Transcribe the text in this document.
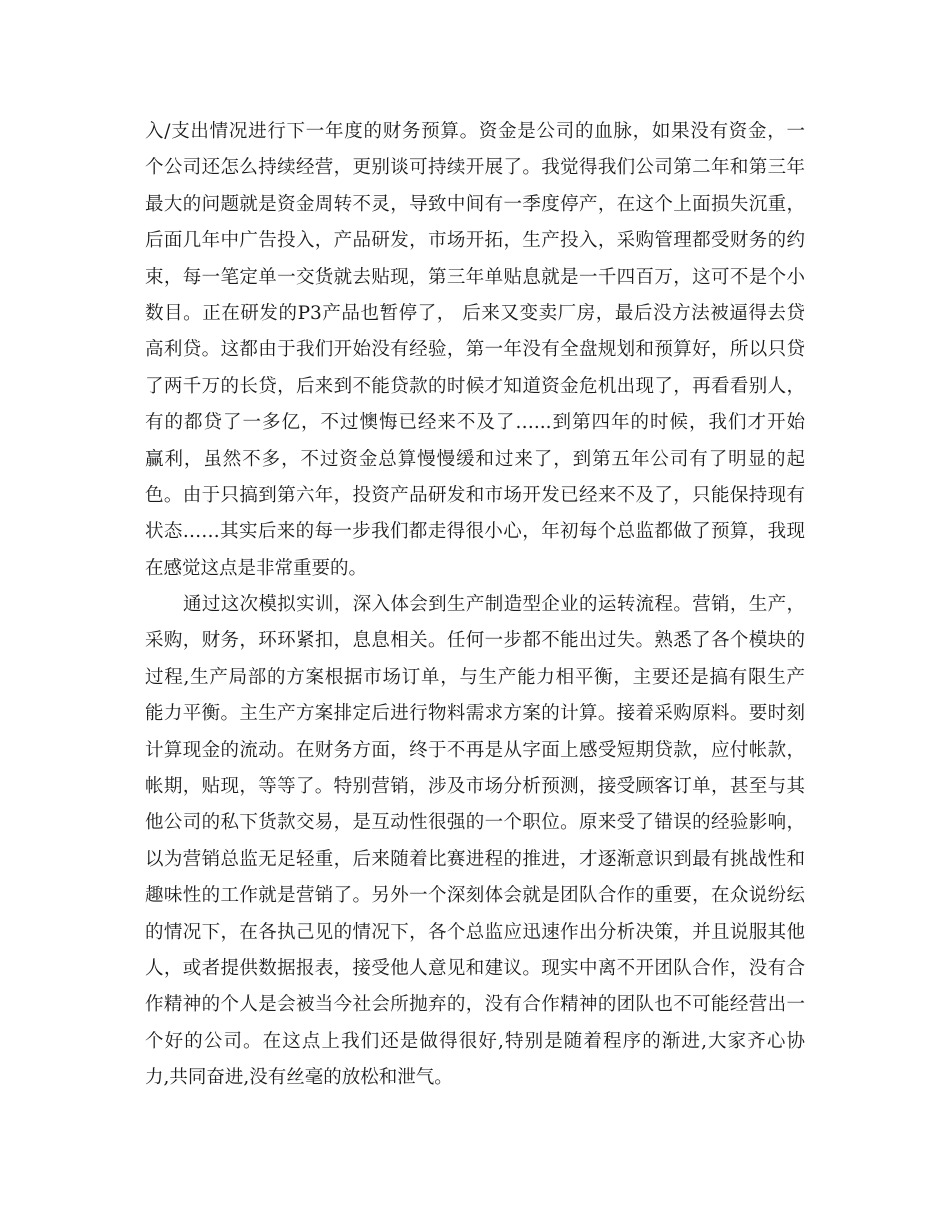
入/支出情况进行下一年度的财务预算。资金是公司的血脉，如果没有资金，一
个公司还怎么持续经营，更别谈可持续开展了。我觉得我们公司第二年和第三年
最大的问题就是资金周转不灵，导致中间有一季度停产，在这个上面损失沉重，
后面几年中广告投入，产品研发，市场开拓，生产投入，采购管理都受财务的约
束，每一笔定单一交货就去贴现，第三年单贴息就是一千四百万，这可不是个小
数目。正在研发的P3产品也暂停了， 后来又变卖厂房，最后没方法被逼得去贷
高利贷。这都由于我们开始没有经验，第一年没有全盘规划和预算好，所以只贷
了两千万的长贷，后来到不能贷款的时候才知道资金危机出现了，再看看别人，
有的都贷了一多亿，不过懊悔已经来不及了…...到第四年的时候，我们才开始
赢利，虽然不多，不过资金总算慢慢缓和过来了，到第五年公司有了明显的起
色。由于只搞到第六年，投资产品研发和市场开发已经来不及了，只能保持现有
状态……其实后来的每一步我们都走得很小心，年初每个总监都做了预算，我现
在感觉这点是非常重要的。
通过这次模拟实训，深入体会到生产制造型企业的运转流程。营销，生产，
采购，财务，环环紧扣，息息相关。任何一步都不能出过失。熟悉了各个模块的
过程,生产局部的方案根据市场订单，与生产能力相平衡，主要还是搞有限生产
能力平衡。主生产方案排定后进行物料需求方案的计算。接着采购原料。要时刻
计算现金的流动。在财务方面，终于不再是从字面上感受短期贷款，应付帐款，
帐期，贴现，等等了。特别营销，涉及市场分析预测，接受顾客订单，甚至与其
他公司的私下货款交易，是互动性很强的一个职位。原来受了错误的经验影响，
以为营销总监无足轻重，后来随着比赛进程的推进，才逐渐意识到最有挑战性和
趣味性的工作就是营销了。另外一个深刻体会就是团队合作的重要，在众说纷纭
的情况下，在各执己见的情况下，各个总监应迅速作出分析决策，并且说服其他
人，或者提供数据报表，接受他人意见和建议。现实中离不开团队合作，没有合
作精神的个人是会被当今社会所抛弃的，没有合作精神的团队也不可能经营出一
个好的公司。在这点上我们还是做得很好,特别是随着程序的渐进,大家齐心协
力,共同奋进,没有丝毫的放松和泄气。
